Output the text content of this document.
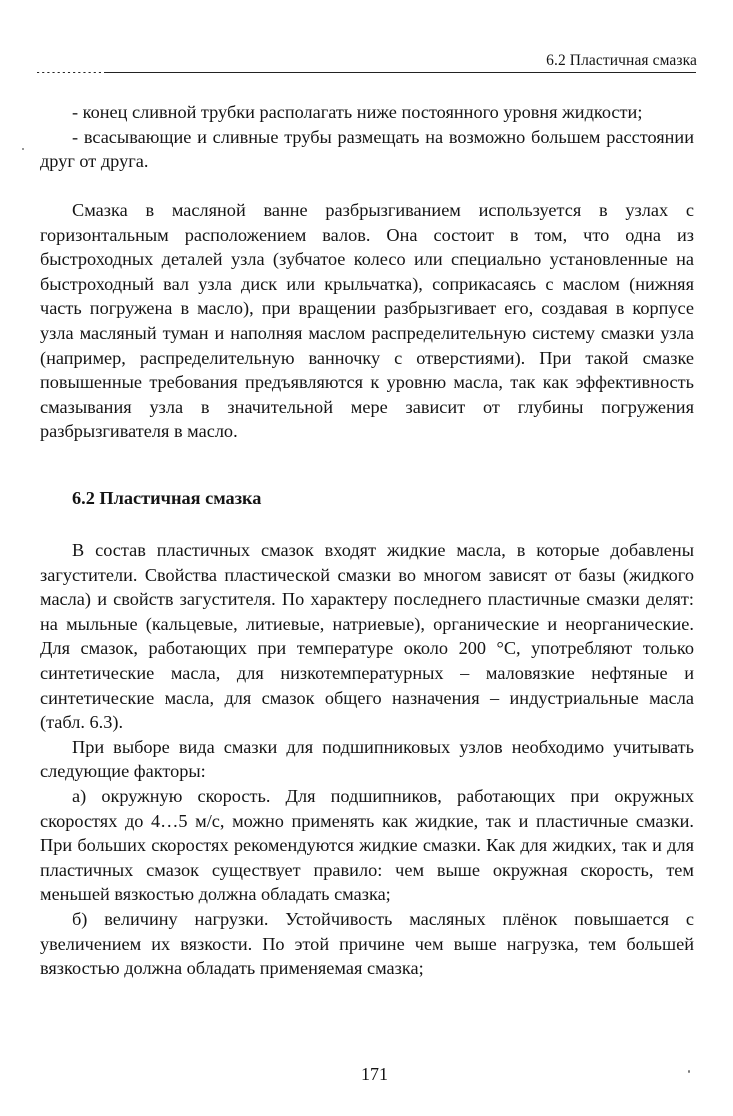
6.2 Пластичная смазка

- конец сливной трубки располагать ниже постоянного уровня жидкости;

- всасывающие и сливные трубы размещать на возможно большем расстоянии друг от друга.

Смазка в масляной ванне разбрызгиванием используется в узлах с горизонтальным расположением валов. Она состоит в том, что одна из быстроходных деталей узла (зубчатое колесо или специально установленные на быстроходный вал узла диск или крыльчатка), соприкасаясь с маслом (нижняя часть погружена в масло), при вращении разбрызгивает его, создавая в корпусе узла масляный туман и наполняя маслом распределительную систему смазки узла (например, распределительную ванночку с отверстиями). При такой смазке повышенные требования предъявляются к уровню масла, так как эффективность смазывания узла в значительной мере зависит от глубины погружения разбрызгивателя в масло.

6.2 Пластичная смазка

В состав пластичных смазок входят жидкие масла, в которые добавлены загустители. Свойства пластической смазки во многом зависят от базы (жидкого масла) и свойств загустителя. По характеру последнего пластичные смазки делят: на мыльные (кальцевые, литиевые, натриевые), органические и неорганические. Для смазок, работающих при температуре около 200 °С, употребляют только синтетические масла, для низкотемпературных – маловязкие нефтяные и синтетические масла, для смазок общего назначения – индустриальные масла (табл. 6.3).

При выборе вида смазки для подшипниковых узлов необходимо учитывать следующие факторы:

а) окружную скорость. Для подшипников, работающих при окружных скоростях до 4…5 м/с, можно применять как жидкие, так и пластичные смазки. При больших скоростях рекомендуются жидкие смазки. Как для жидких, так и для пластичных смазок существует правило: чем выше окружная скорость, тем меньшей вязкостью должна обладать смазка;

б) величину нагрузки. Устойчивость масляных плёнок повышается с увеличением их вязкости. По этой причине чем выше нагрузка, тем большей вязкостью должна обладать применяемая смазка;

171
